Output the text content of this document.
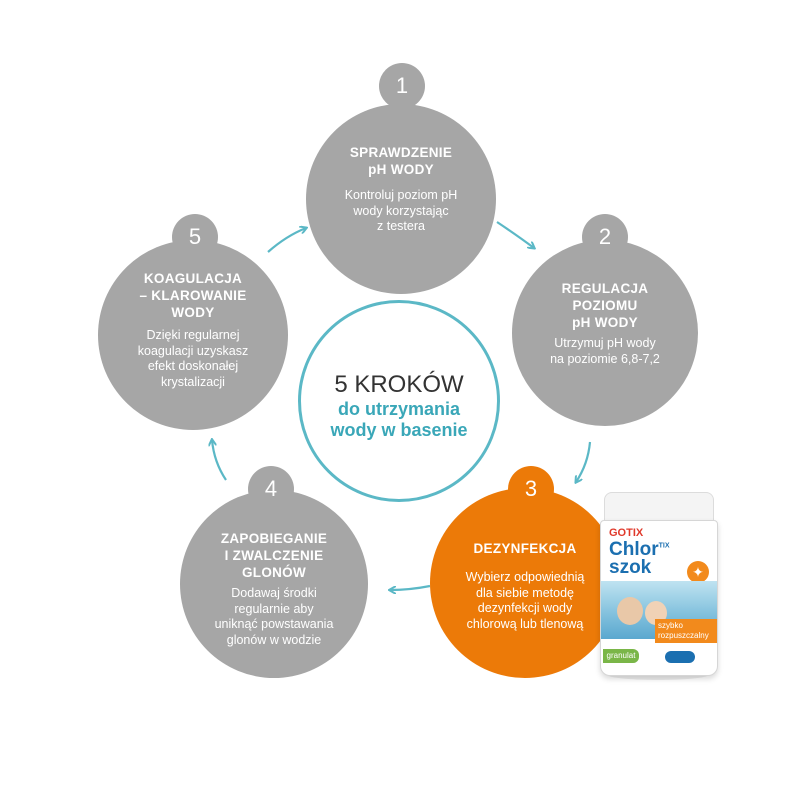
SPRAWDZENIE
pH WODY
Kontroluj poziom pH
wody korzystając
z testera
1
REGULACJA
POZIOMU
pH WODY
Utrzymuj pH wody
na poziomie 6,8-7,2
2
DEZYNFEKCJA
Wybierz odpowiednią
dla siebie metodę
dezynfekcji wody
chlorową lub tlenową
3
ZAPOBIEGANIE
I ZWALCZENIE
GLONÓW
Dodawaj środki
regularnie aby
uniknąć powstawania
glonów w wodzie
4
KOAGULACJA
– KLAROWANIE
WODY
Dzięki regularnej
koagulacji uzyskasz
efekt doskonałej
krystalizacji
5
5 KROKÓW
do utrzymania
wody w basenie
GOTIX
Chlor$^{TIX}$
szok	✦
szybko rozpuszczalny
granulat
